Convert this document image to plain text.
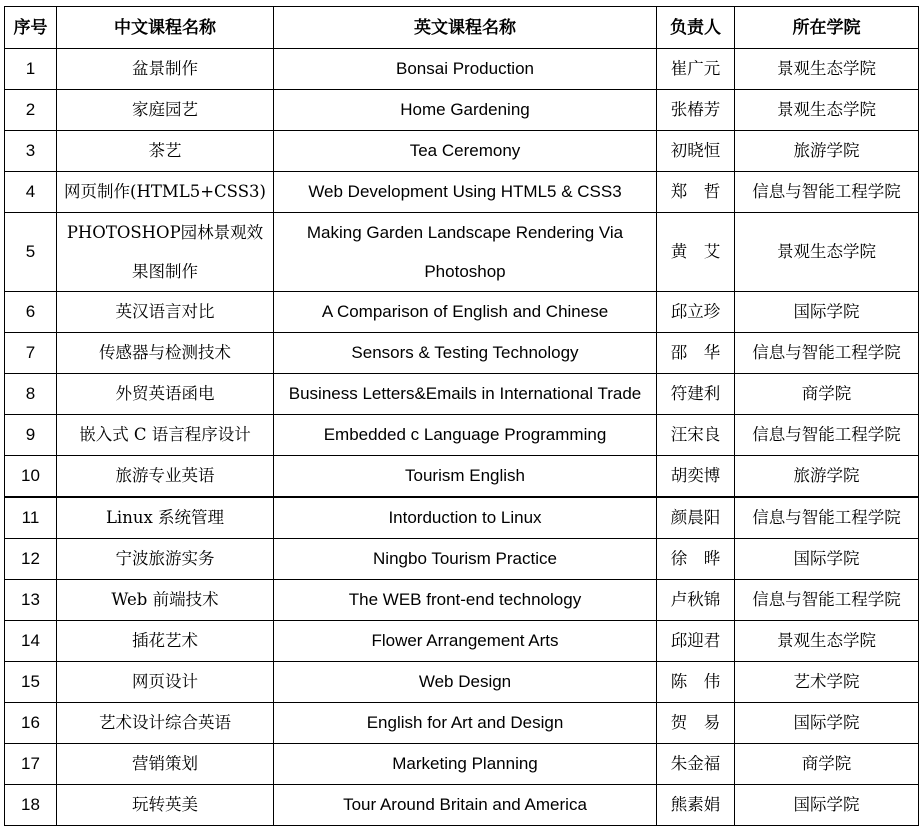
序号	中文课程名称	英文课程名称	负责人	所在学院
1	盆景制作	Bonsai Production	崔广元	景观生态学院
2	家庭园艺	Home Gardening	张椿芳	景观生态学院
3	茶艺	Tea Ceremony	初晓恒	旅游学院
4	网页制作(HTML5+CSS3)	Web Development Using HTML5 & CSS3	郑　哲	信息与智能工程学院
5	PHOTOSHOP园林景观效果图制作	Making Garden Landscape Rendering Via Photoshop	黄　艾	景观生态学院
6	英汉语言对比	A Comparison of English and Chinese	邱立珍	国际学院
7	传感器与检测技术	Sensors & Testing Technology	邵　华	信息与智能工程学院
8	外贸英语函电	Business Letters&Emails in International Trade	符建利	商学院
9	嵌入式 C 语言程序设计	Embedded c Language Programming	汪宋良	信息与智能工程学院
10	旅游专业英语	Tourism English	胡奕博	旅游学院
11	Linux 系统管理	Intorduction to Linux	颜晨阳	信息与智能工程学院
12	宁波旅游实务	Ningbo Tourism Practice	徐　晔	国际学院
13	Web 前端技术	The WEB front-end technology	卢秋锦	信息与智能工程学院
14	插花艺术	Flower Arrangement Arts	邱迎君	景观生态学院
15	网页设计	Web Design	陈　伟	艺术学院
16	艺术设计综合英语	English for Art and Design	贺　易	国际学院
17	营销策划	Marketing Planning	朱金福	商学院
18	玩转英美	Tour Around Britain and America	熊素娟	国际学院
